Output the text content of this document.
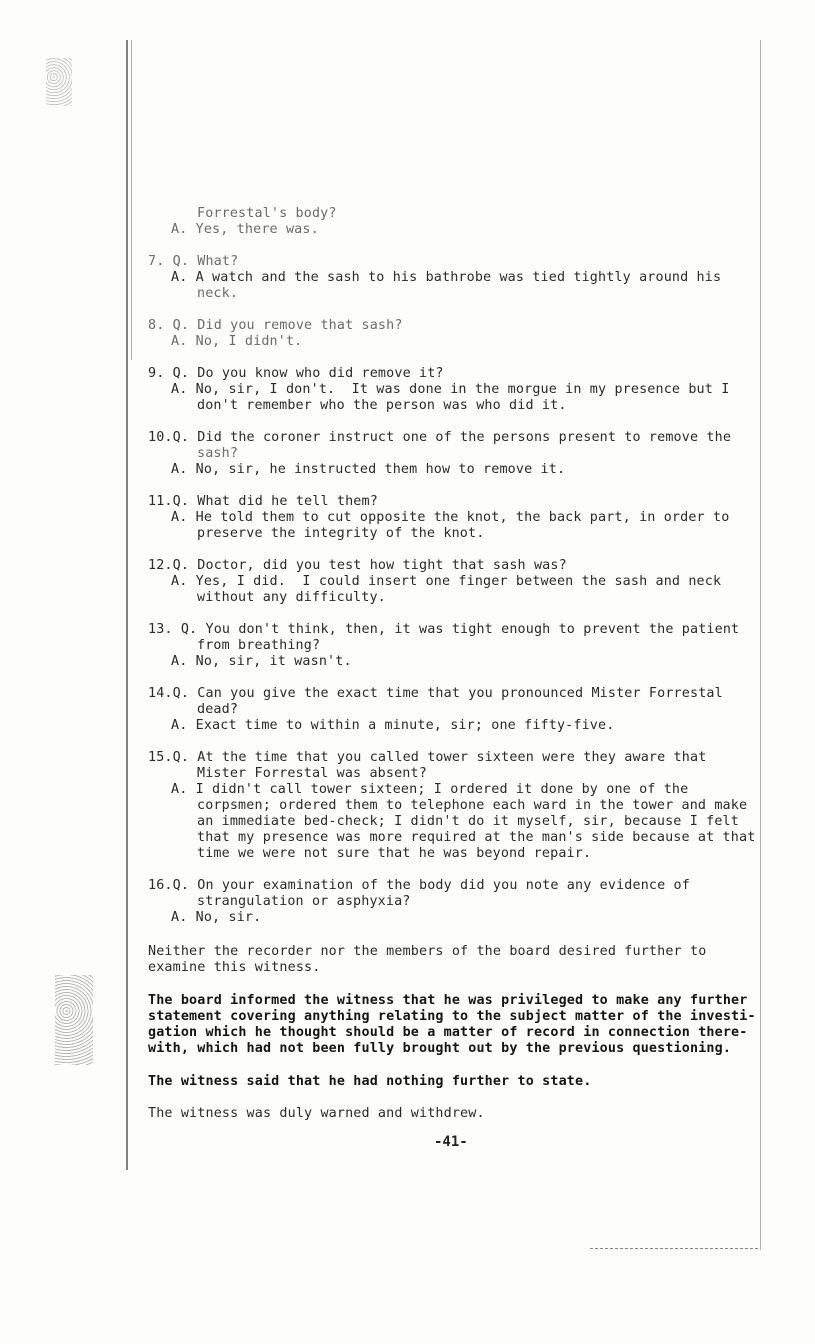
Forrestal's body?
A. Yes, there was.
7. Q. What?
A. A watch and the sash to his bathrobe was tied tightly around his
neck.
8. Q. Did you remove that sash?
A. No, I didn't.
9. Q. Do you know who did remove it?
A. No, sir, I don't.  It was done in the morgue in my presence but I
don't remember who the person was who did it.
10.Q. Did the coroner instruct one of the persons present to remove the
sash?
A. No, sir, he instructed them how to remove it.
11.Q. What did he tell them?
A. He told them to cut opposite the knot, the back part, in order to
preserve the integrity of the knot.
12.Q. Doctor, did you test how tight that sash was?
A. Yes, I did.  I could insert one finger between the sash and neck
without any difficulty.
13. Q. You don't think, then, it was tight enough to prevent the patient
from breathing?
A. No, sir, it wasn't.
14.Q. Can you give the exact time that you pronounced Mister Forrestal
dead?
A. Exact time to within a minute, sir; one fifty-five.
15.Q. At the time that you called tower sixteen were they aware that
Mister Forrestal was absent?
A. I didn't call tower sixteen; I ordered it done by one of the
corpsmen; ordered them to telephone each ward in the tower and make
an immediate bed-check; I didn't do it myself, sir, because I felt
that my presence was more required at the man's side because at that
time we were not sure that he was beyond repair.
16.Q. On your examination of the body did you note any evidence of
strangulation or asphyxia?
A. No, sir.
Neither the recorder nor the members of the board desired further to
examine this witness.
The board informed the witness that he was privileged to make any further
statement covering anything relating to the subject matter of the investi-
gation which he thought should be a matter of record in connection there-
with, which had not been fully brought out by the previous questioning.
The witness said that he had nothing further to state.
The witness was duly warned and withdrew.
-41-
